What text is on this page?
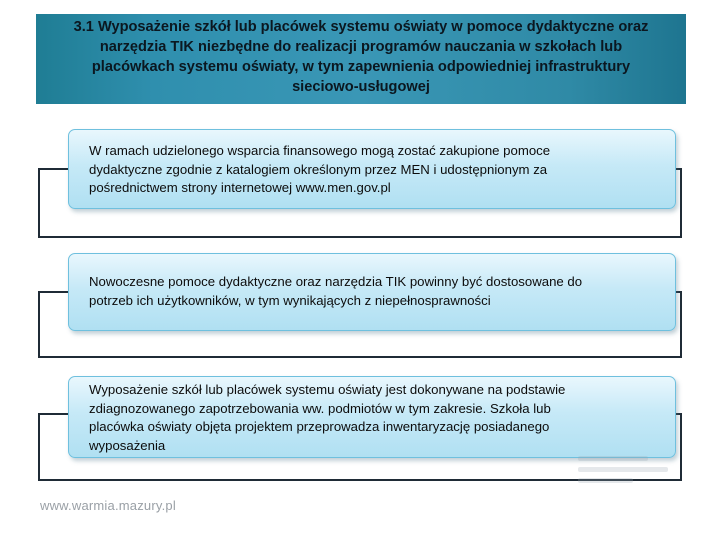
3.1 Wyposażenie szkół lub placówek systemu oświaty w pomoce dydaktyczne oraz
narzędzia TIK niezbędne do realizacji programów nauczania w szkołach lub
placówkach systemu oświaty, w tym zapewnienia odpowiedniej infrastruktury
sieciowo-usługowej
W ramach udzielonego wsparcia finansowego mogą zostać zakupione pomoce
dydaktyczne zgodnie z katalogiem określonym przez MEN i udostępnionym za
pośrednictwem strony internetowej www.men.gov.pl
Nowoczesne pomoce dydaktyczne oraz narzędzia TIK powinny być dostosowane do
potrzeb ich użytkowników, w tym wynikających z niepełnosprawności
Wyposażenie szkół lub placówek systemu oświaty jest dokonywane na podstawie
zdiagnozowanego zapotrzebowania ww. podmiotów w tym zakresie. Szkoła lub
placówka oświaty objęta projektem przeprowadza inwentaryzację posiadanego
wyposażenia
www.warmia.mazury.pl
